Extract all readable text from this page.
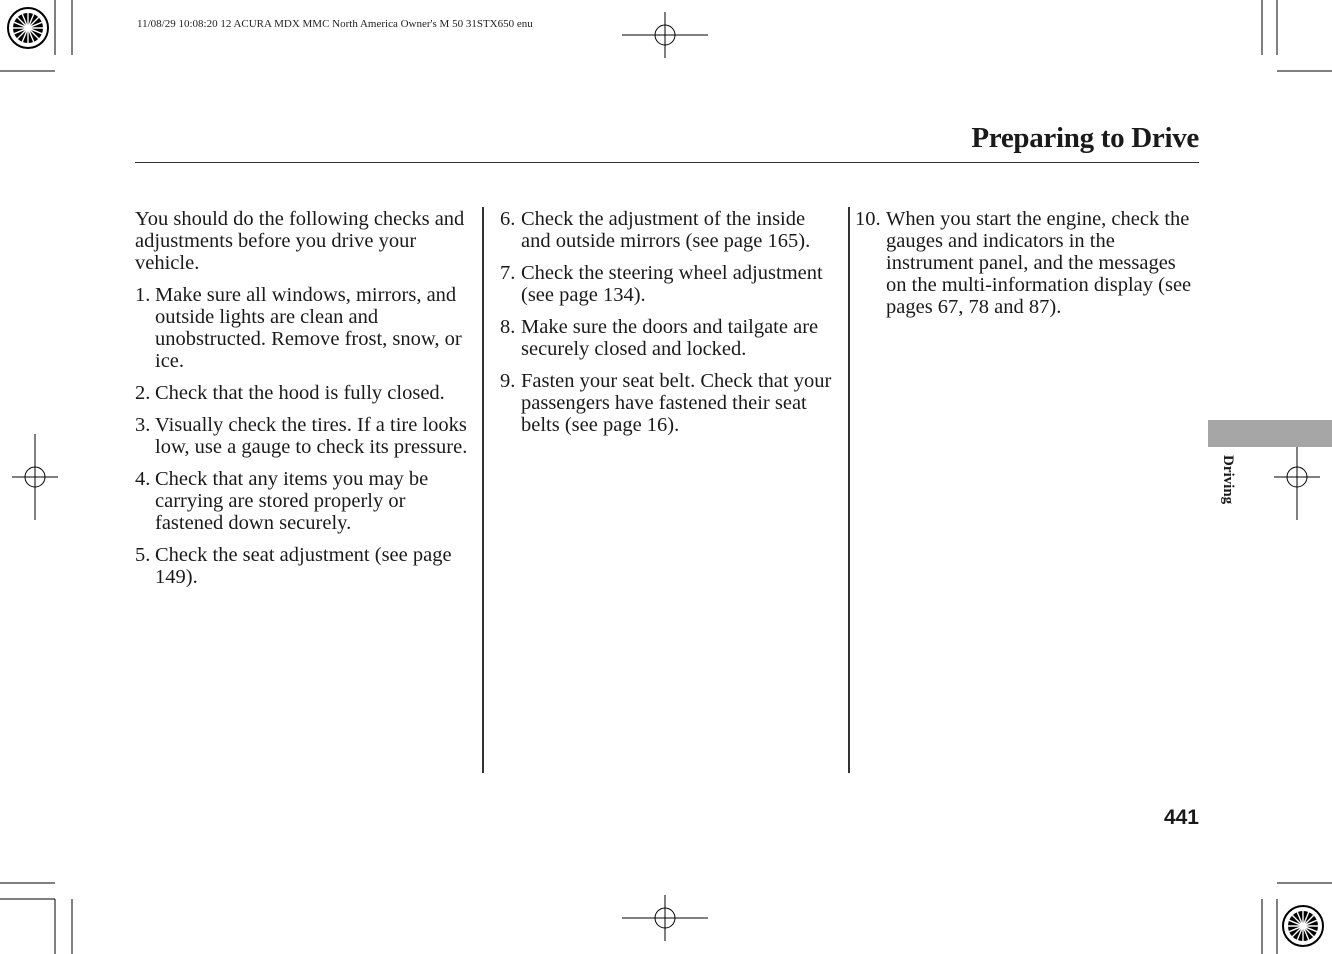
11/08/29 10:08:20 12 ACURA MDX MMC North America Owner's M 50 31STX650 enu
Preparing to Drive

You should do the following checks and adjustments before you drive your vehicle.

1. Make sure all windows, mirrors, and outside lights are clean and unobstructed. Remove frost, snow, or ice.
2. Check that the hood is fully closed.
3. Visually check the tires. If a tire looks low, use a gauge to check its pressure.
4. Check that any items you may be carrying are stored properly or fastened down securely.
5. Check the seat adjustment (see page 149).
6. Check the adjustment of the inside and outside mirrors (see page 165).
7. Check the steering wheel adjustment (see page 134).
8. Make sure the doors and tailgate are securely closed and locked.
9. Fasten your seat belt. Check that your passengers have fastened their seat belts (see page 16).
10. When you start the engine, check the gauges and indicators in the instrument panel, and the messages on the multi-information display (see pages 67, 78 and 87).
Driving
441
